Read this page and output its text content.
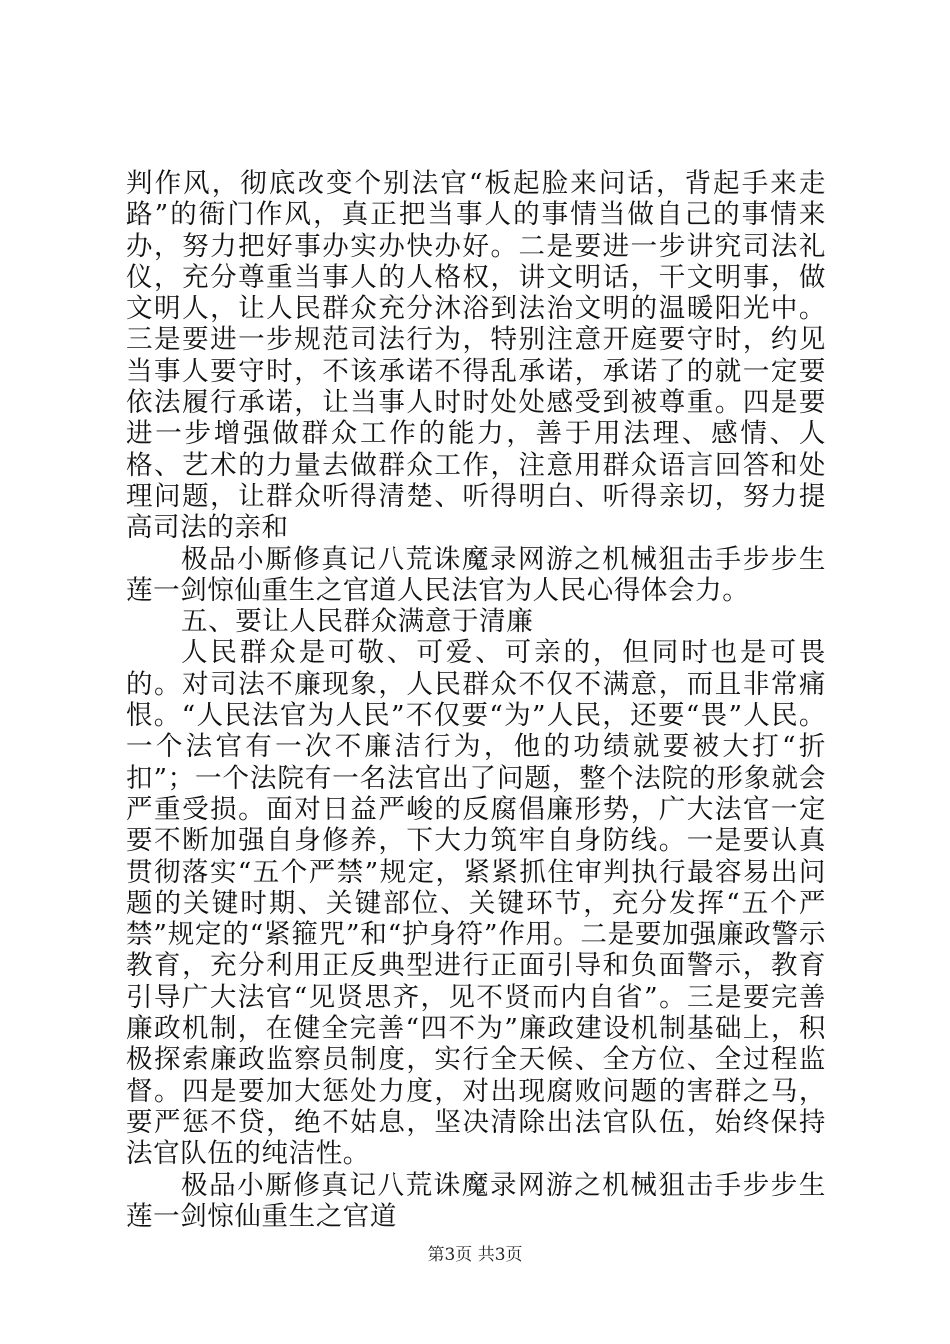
判作风，彻底改变个别法官“板起脸来问话，背起手来走路”的衙门作风，真正把当事人的事情当做自己的事情来办，努力把好事办实办快办好。二是要进一步讲究司法礼仪，充分尊重当事人的人格权，讲文明话，干文明事，做文明人，让人民群众充分沐浴到法治文明的温暖阳光中。三是要进一步规范司法行为，特别注意开庭要守时，约见当事人要守时，不该承诺不得乱承诺，承诺了的就一定要依法履行承诺，让当事人时时处处感受到被尊重。四是要进一步增强做群众工作的能力，善于用法理、感情、人格、艺术的力量去做群众工作，注意用群众语言回答和处理问题，让群众听得清楚、听得明白、听得亲切，努力提高司法的亲和

极品小厮修真记八荒诛魔录网游之机械狙击手步步生莲一剑惊仙重生之官道人民法官为人民心得体会力。

五、要让人民群众满意于清廉

人民群众是可敬、可爱、可亲的，但同时也是可畏的。对司法不廉现象，人民群众不仅不满意，而且非常痛恨。“人民法官为人民”不仅要“为”人民，还要“畏”人民。一个法官有一次不廉洁行为，他的功绩就要被大打“折扣”；一个法院有一名法官出了问题，整个法院的形象就会严重受损。面对日益严峻的反腐倡廉形势，广大法官一定要不断加强自身修养，下大力筑牢自身防线。一是要认真贯彻落实“五个严禁”规定，紧紧抓住审判执行最容易出问题的关键时期、关键部位、关键环节，充分发挥“五个严禁”规定的“紧箍咒”和“护身符”作用。二是要加强廉政警示教育，充分利用正反典型进行正面引导和负面警示，教育引导广大法官“见贤思齐，见不贤而内自省”。三是要完善廉政机制，在健全完善“四不为”廉政建设机制基础上，积极探索廉政监察员制度，实行全天候、全方位、全过程监督。四是要加大惩处力度，对出现腐败问题的害群之马，要严惩不贷，绝不姑息，坚决清除出法官队伍，始终保持法官队伍的纯洁性。

极品小厮修真记八荒诛魔录网游之机械狙击手步步生莲一剑惊仙重生之官道

第3页 共3页
